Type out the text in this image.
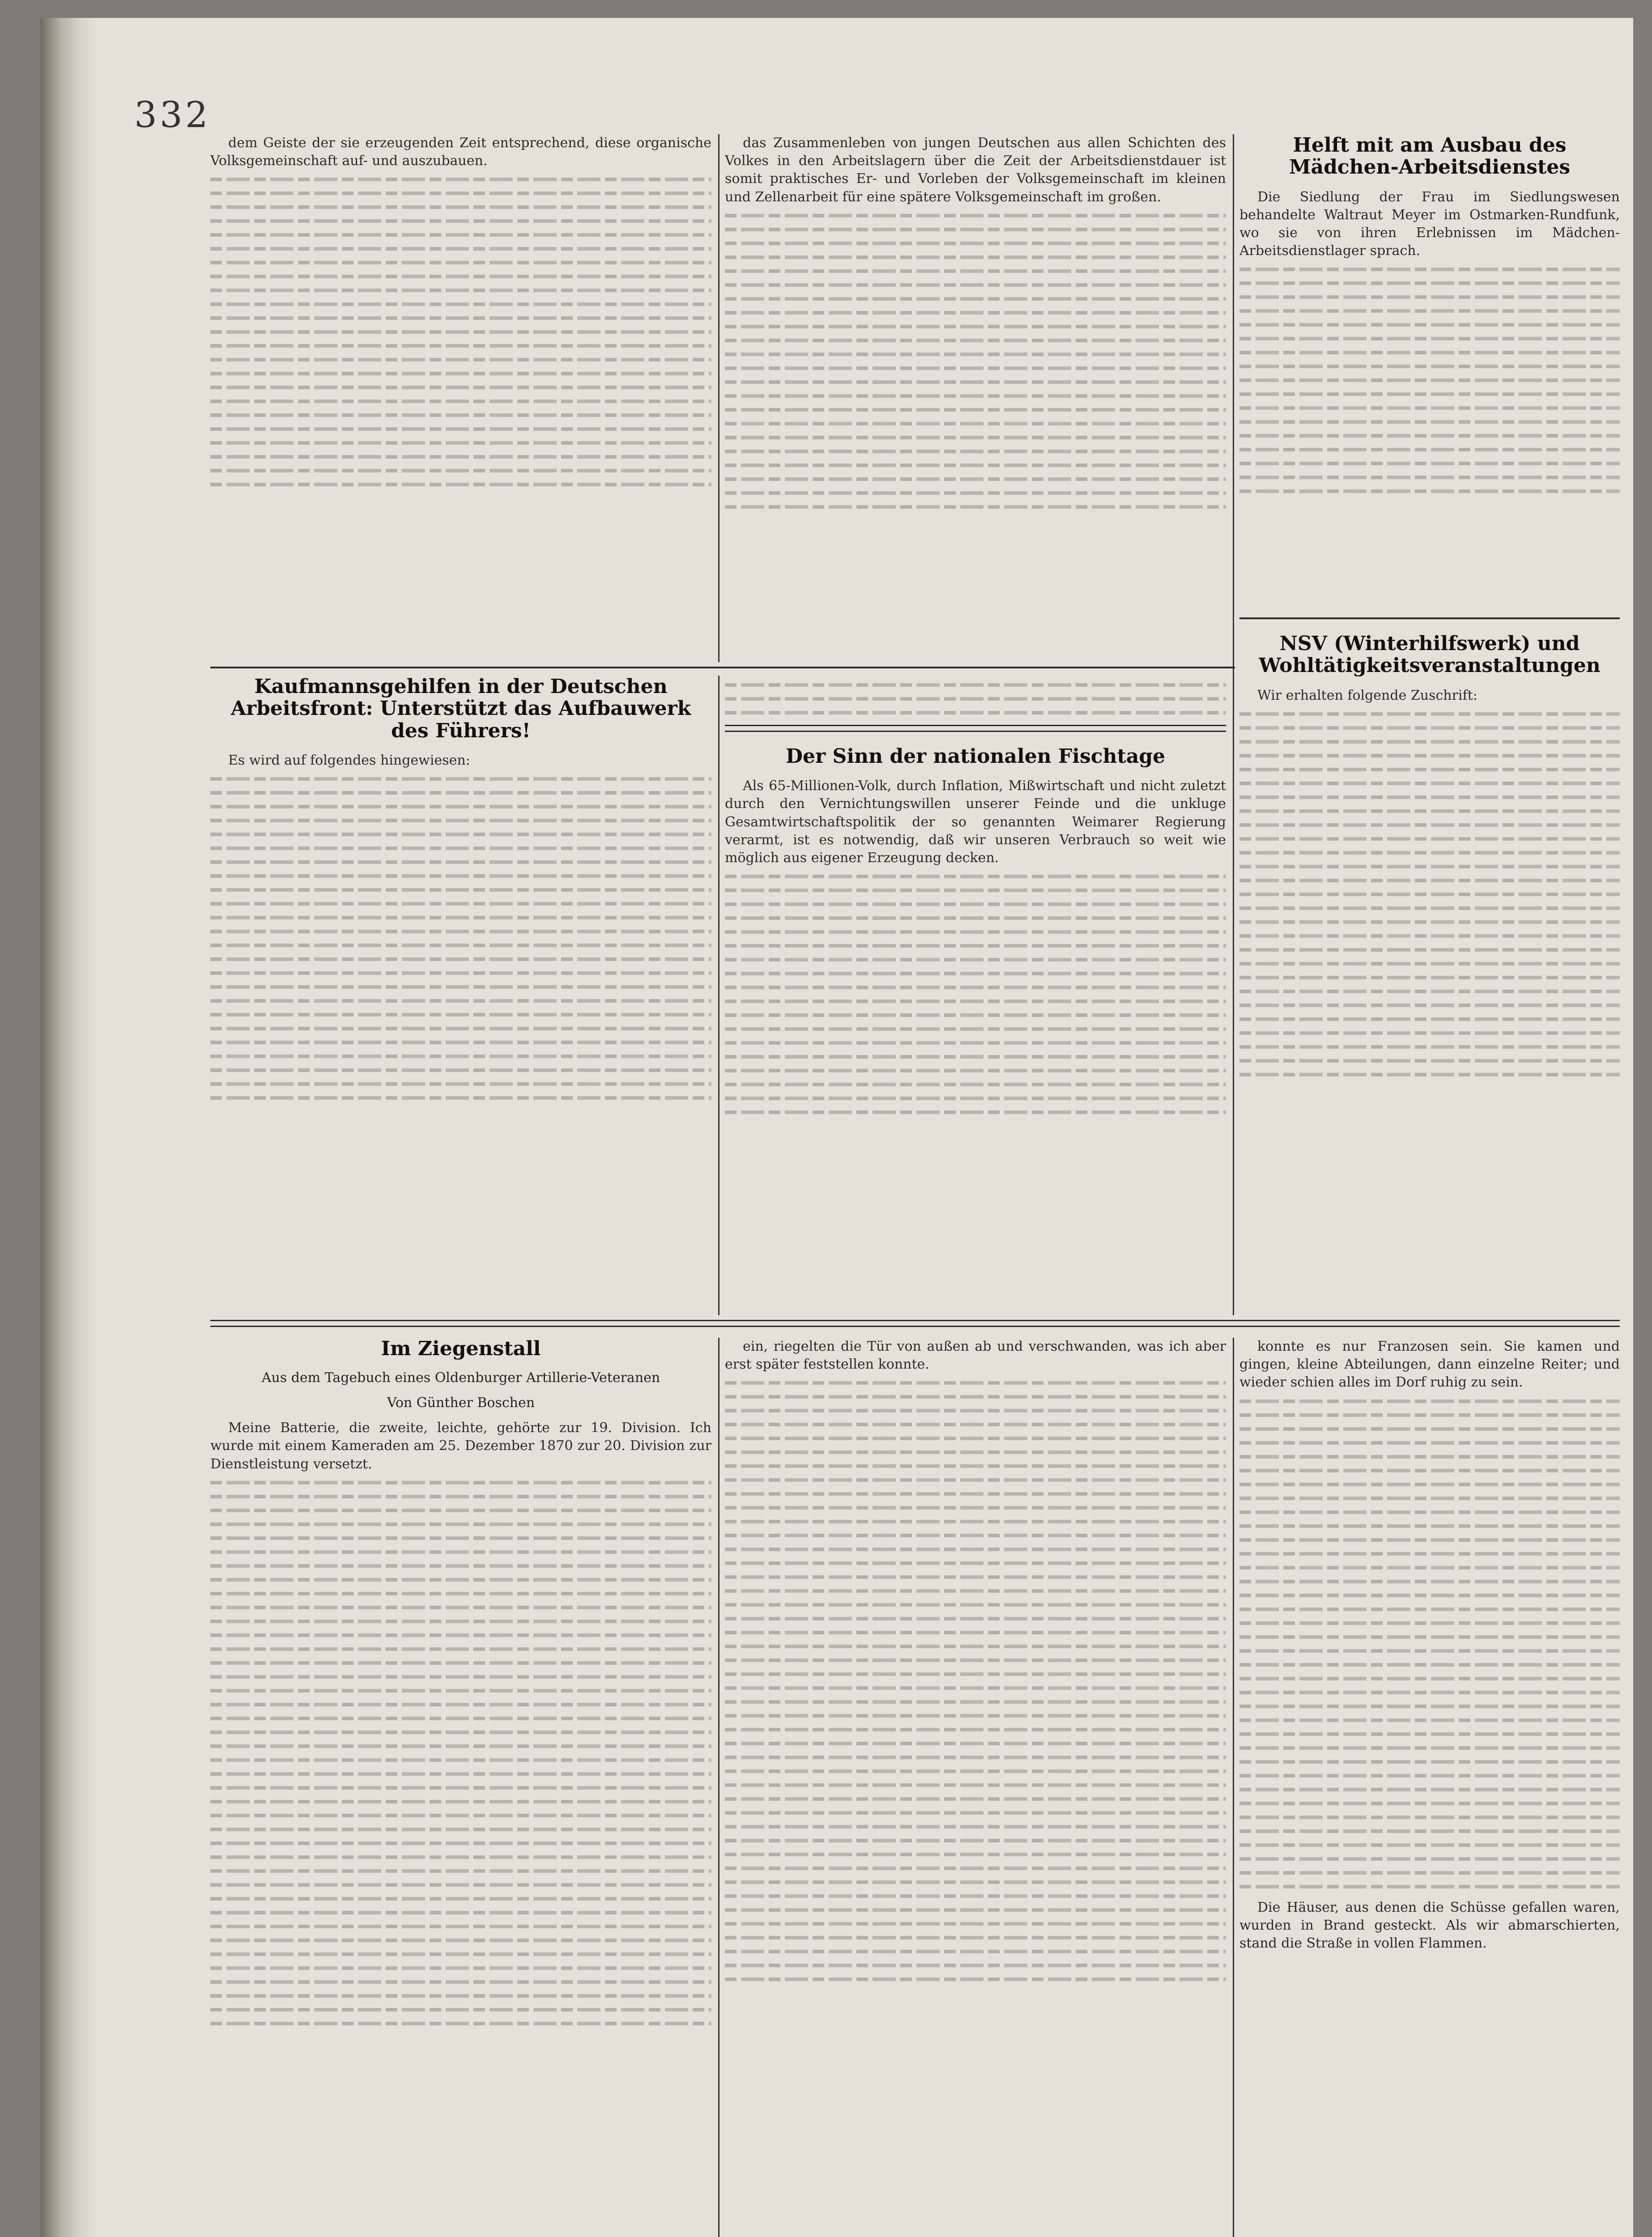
332

dem Geiste der sie erzeugenden Zeit entsprechend, diese organische Volksgemeinschaft auf- und auszubauen.

das Zusammenleben von jungen Deutschen aus allen Schichten des Volkes in den Arbeitslagern über die Zeit der Arbeitsdienstdauer ist somit praktisches Er- und Vorleben der Volksgemeinschaft im kleinen und Zellenarbeit für eine spätere Volksgemeinschaft im großen.

Helft mit am Ausbau des Mädchen-Arbeitsdienstes

Die Siedlung der Frau im Siedlungswesen behandelte Waltraut Meyer im Ostmarken-Rundfunk, wo sie von ihren Erlebnissen im Mädchen-Arbeitsdienstlager sprach.

Kaufmannsgehilfen in der Deutschen Arbeitsfront: Unterstützt das Aufbauwerk des Führers!

Es wird auf folgendes hingewiesen:	Der Sinn der nationalen Fischtage

Als 65-Millionen-Volk, durch Inflation, Mißwirtschaft und nicht zuletzt durch den Vernichtungswillen unserer Feinde und die unkluge Gesamtwirtschaftspolitik der so genannten Weimarer Regierung verarmt, ist es notwendig, daß wir unseren Verbrauch so weit wie möglich aus eigener Erzeugung decken.

NSV (Winterhilfswerk) und Wohltätigkeitsveranstaltungen

Wir erhalten folgende Zuschrift:

Im Ziegenstall
Aus dem Tagebuch eines Oldenburger Artillerie-Veteranen
Von Günther Boschen

Meine Batterie, die zweite, leichte, gehörte zur 19. Division. Ich wurde mit einem Kameraden am 25. Dezember 1870 zur 20. Division zur Dienstleistung versetzt.

ein, riegelten die Tür von außen ab und verschwanden, was ich aber erst später feststellen konnte.

konnte es nur Franzosen sein. Sie kamen und gingen, kleine Abteilungen, dann einzelne Reiter; und wieder schien alles im Dorf ruhig zu sein.

Die Häuser, aus denen die Schüsse gefallen waren, wurden in Brand gesteckt. Als wir abmarschierten, stand die Straße in vollen Flammen.
